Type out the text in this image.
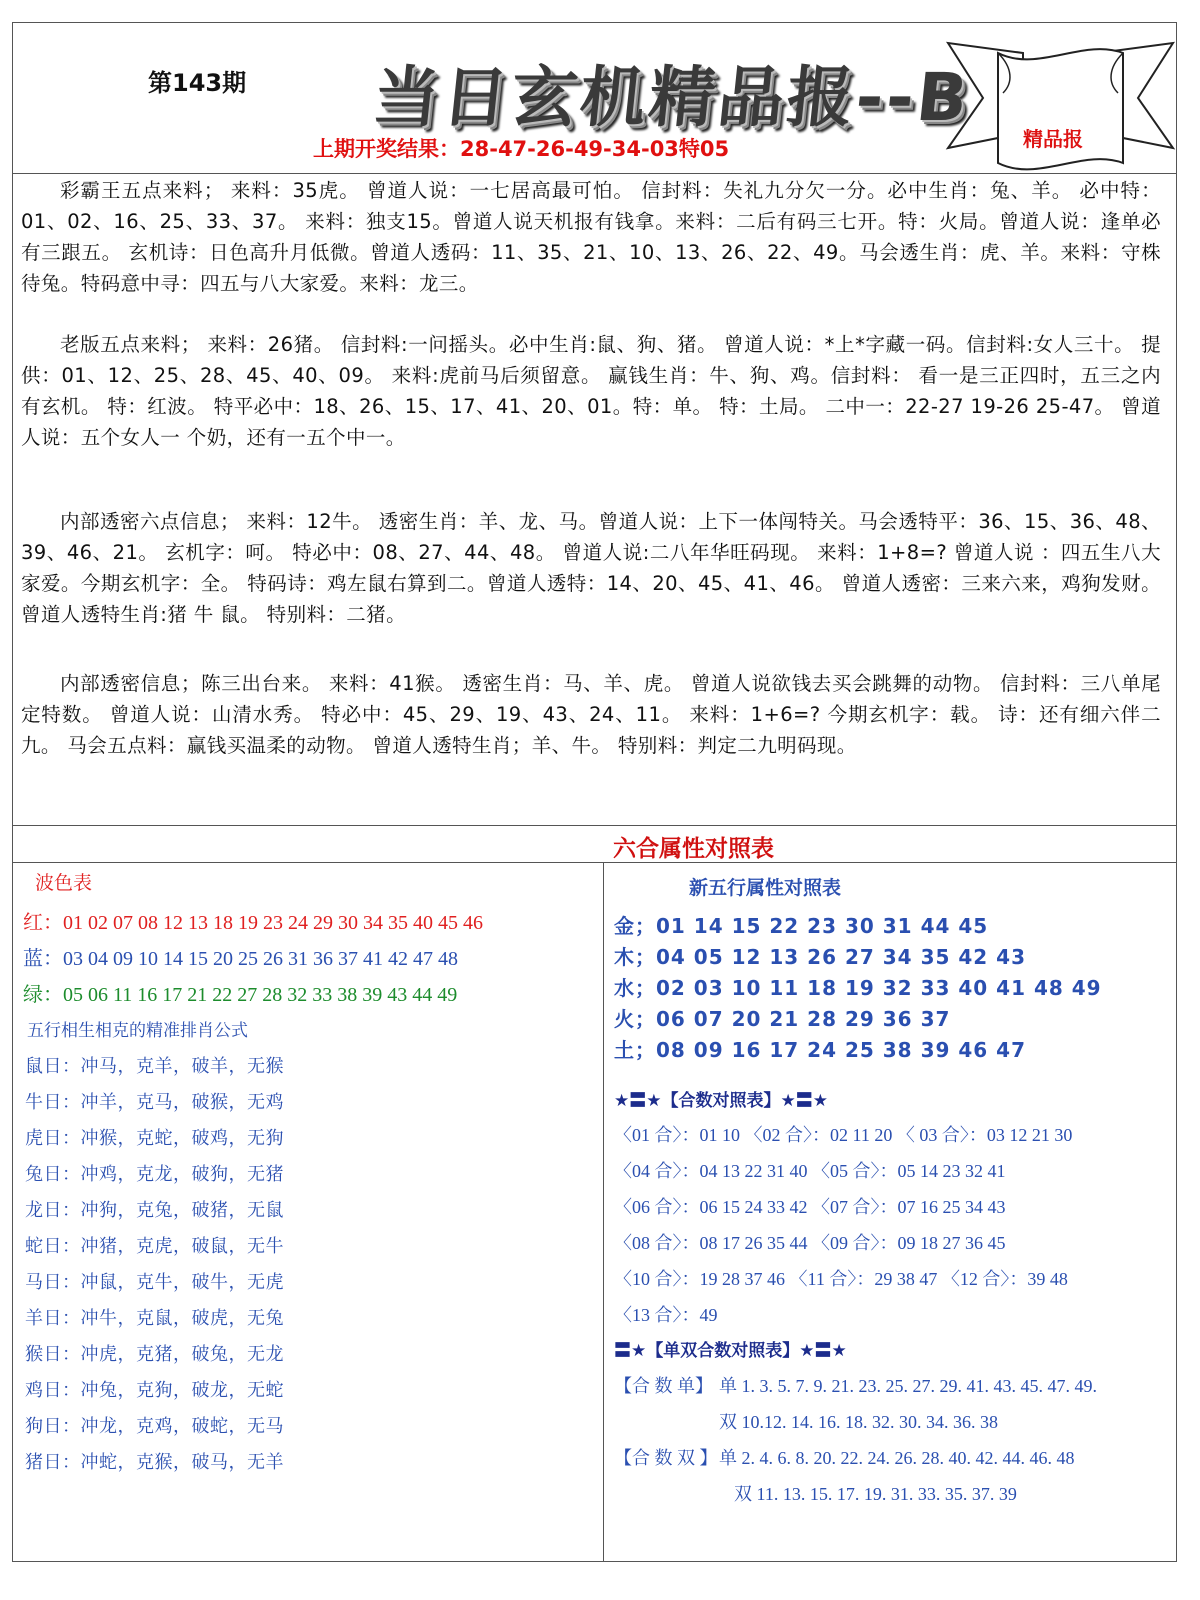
第143期 当日玄机精品报--B
精品报
上期开奖结果：28-47-26-49-34-03特05

彩霸王五点来料； 来料：35虎。 曾道人说：一七居高最可怕。 信封料：失礼九分欠一分。必中生肖：兔、羊。 必中特：01、02、16、25、33、37。 来料：独支15。曾道人说天机报有钱拿。来料：二后有码三七开。特：火局。曾道人说：逢单必有三跟五。 玄机诗：日色高升月低微。曾道人透码：11、35、21、10、13、26、22、49。马会透生肖：虎、羊。来料：守株待兔。特码意中寻：四五与八大家爱。来料：龙三。

老版五点来料； 来料：26猪。 信封料:一问摇头。必中生肖:鼠、狗、猪。 曾道人说：*上*字藏一码。信封料:女人三十。 提供：01、12、25、28、45、40、09。 来料:虎前马后须留意。 赢钱生肖：牛、狗、鸡。信封料： 看一是三正四时，五三之内有玄机。 特：红波。 特平必中：18、26、15、17、41、20、01。特：单。 特：土局。 二中一：22-27 19-26 25-47。 曾道人说：五个女人一 个奶，还有一五个中一。

内部透密六点信息； 来料：12牛。 透密生肖：羊、龙、马。曾道人说：上下一体闯特关。马会透特平：36、15、36、48、39、46、21。 玄机字：呵。 特必中：08、27、44、48。 曾道人说:二八年华旺码现。 来料：1+8=? 曾道人说 ：四五生八大家爱。今期玄机字：全。 特码诗：鸡左鼠右算到二。曾道人透特：14、20、45、41、46。 曾道人透密：三来六来，鸡狗发财。 曾道人透特生肖:猪 牛 鼠。 特别料：二猪。

内部透密信息；陈三出台来。 来料：41猴。 透密生肖：马、羊、虎。 曾道人说欲钱去买会跳舞的动物。 信封料：三八单尾定特数。 曾道人说：山清水秀。 特必中：45、29、19、43、24、11。 来料：1+6=? 今期玄机字：载。 诗：还有细六伴二九。 马会五点料：赢钱买温柔的动物。 曾道人透特生肖；羊、牛。 特别料：判定二九明码现。

六合属性对照表
波色表
红：01 02 07 08 12 13 18 19 23 24 29 30 34 35 40 45 46
蓝：03 04 09 10 14 15 20 25 26 31 36 37 41 42 47 48
绿：05 06 11 16 17 21 22 27 28 32 33 38 39 43 44 49
五行相生相克的精准排肖公式
鼠日：冲马，克羊，破羊，无猴
牛日：冲羊，克马，破猴，无鸡
虎日：冲猴，克蛇，破鸡，无狗
兔日：冲鸡，克龙，破狗，无猪
龙日：冲狗，克兔，破猪，无鼠
蛇日：冲猪，克虎，破鼠，无牛
马日：冲鼠，克牛，破牛，无虎
羊日：冲牛，克鼠，破虎，无兔
猴日：冲虎，克猪，破兔，无龙
鸡日：冲兔，克狗，破龙，无蛇
狗日：冲龙，克鸡，破蛇，无马
猪日：冲蛇，克猴，破马，无羊
新五行属性对照表
金；01 14 15 22 23 30 31 44 45
木；04 05 12 13 26 27 34 35 42 43
水；02 03 10 11 18 19 32 33 40 41 48 49
火；06 07 20 21 28 29 36 37
土；08 09 16 17 24 25 38 39 46 47
★〓★【合数对照表】★〓★
〈01 合〉：01 10 〈02 合〉：02 11 20 〈 03 合〉：03 12 21 30
〈04 合〉：04 13 22 31 40 〈05 合〉：05 14 23 32 41
〈06 合〉：06 15 24 33 42 〈07 合〉：07 16 25 34 43
〈08 合〉：08 17 26 35 44 〈09 合〉：09 18 27 36 45
〈10 合〉：19 28 37 46 〈11 合〉：29 38 47 〈12 合〉：39 48
〈13 合〉：49
〓★【单双合数对照表】★〓★
【合 数 单】 单 1. 3. 5. 7. 9. 21. 23. 25. 27. 29. 41. 43. 45. 47. 49.
双 10.12. 14. 16. 18. 32. 30. 34. 36. 38
【合 数 双 】 单 2. 4. 6. 8. 20. 22. 24. 26. 28. 40. 42. 44. 46. 48
双 11. 13. 15. 17. 19. 31. 33. 35. 37. 39
